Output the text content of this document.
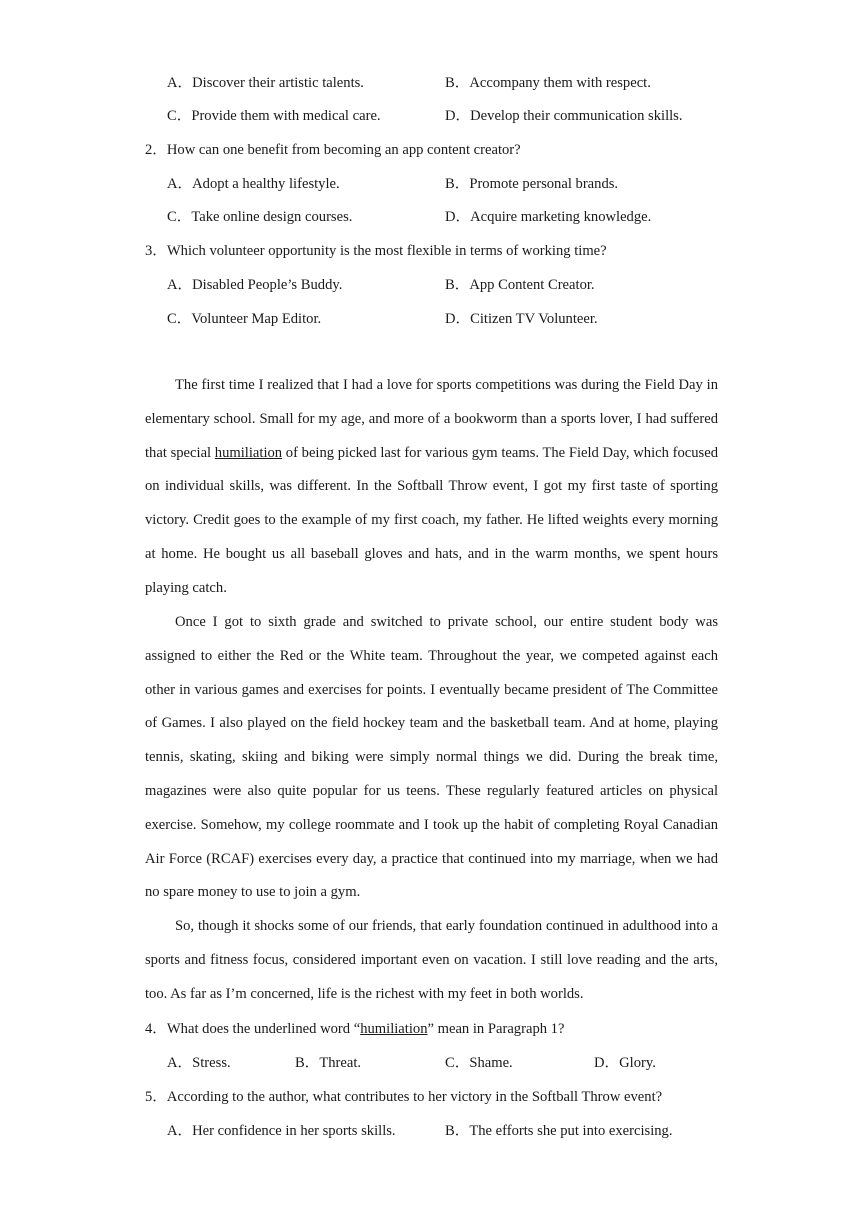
A．Discover their artistic talents.	B．Accompany them with respect.
C．Provide them with medical care.	D．Develop their communication skills.
2．How can one benefit from becoming an app content creator?
A．Adopt a healthy lifestyle.	B．Promote personal brands.
C．Take online design courses.	D．Acquire marketing knowledge.
3．Which volunteer opportunity is the most flexible in terms of working time?
A．Disabled People’s Buddy.	B．App Content Creator.
C．Volunteer Map Editor.	D．Citizen TV Volunteer.

The first time I realized that I had a love for sports competitions was during the Field Day in elementary school. Small for my age, and more of a bookworm than a sports lover, I had suffered that special humiliation of being picked last for various gym teams. The Field Day, which focused on individual skills, was different. In the Softball Throw event, I got my first taste of sporting victory. Credit goes to the example of my first coach, my father. He lifted weights every morning at home. He bought us all baseball gloves and hats, and in the warm months, we spent hours playing catch.

Once I got to sixth grade and switched to private school, our entire student body was assigned to either the Red or the White team. Throughout the year, we competed against each other in various games and exercises for points. I eventually became president of The Committee of Games. I also played on the field hockey team and the basketball team. And at home, playing tennis, skating, skiing and biking were simply normal things we did. During the break time, magazines were also quite popular for us teens. These regularly featured articles on physical exercise. Somehow, my college roommate and I took up the habit of completing Royal Canadian Air Force (RCAF) exercises every day, a practice that continued into my marriage, when we had no spare money to use to join a gym.

So, though it shocks some of our friends, that early foundation continued in adulthood into a sports and fitness focus, considered important even on vacation. I still love reading and the arts, too. As far as I’m concerned, life is the richest with my feet in both worlds.

4．What does the underlined word “humiliation” mean in Paragraph 1?
A．Stress.	B．Threat.	C．Shame.	D．Glory.
5．According to the author, what contributes to her victory in the Softball Throw event?
A．Her confidence in her sports skills.	B．The efforts she put into exercising.
